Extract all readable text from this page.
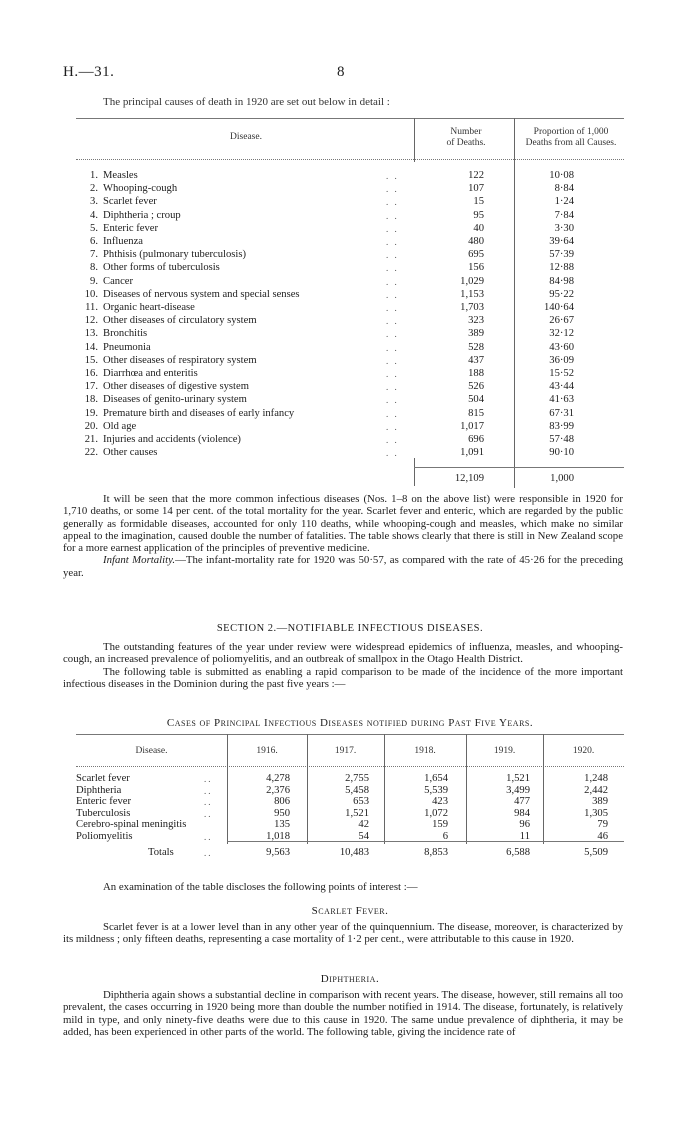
H.—31.	8
The principal causes of death in 1920 are set out below in detail :
Disease.	Number
of Deaths.
Proportion of 1,000
Deaths from all Causes.
1. Measles	. .	122	10·08
2. Whooping-cough	. .	107	8·84
3. Scarlet fever	. .	15	1·24
4. Diphtheria ; croup	. .	95	7·84
5. Enteric fever	. .	40	3·30
6. Influenza	. .	480	39·64
7. Phthisis (pulmonary tuberculosis)	. .	695	57·39
8. Other forms of tuberculosis	. .	156	12·88
9. Cancer	. .	1,029	84·98
10. Diseases of nervous system and special senses	. .	1,153	95·22
11. Organic heart-disease	. .	1,703	140·64
12. Other diseases of circulatory system	. .	323	26·67
13. Bronchitis	. .	389	32·12
14. Pneumonia	. .	528	43·60
15. Other diseases of respiratory system	. .	437	36·09
16. Diarrhœa and enteritis	. .	188	15·52
17. Other diseases of digestive system	. .	526	43·44
18. Diseases of genito-urinary system	. .	504	41·63
19. Premature birth and diseases of early infancy	. .	815	67·31
20. Old age	. .	1,017	83·99
21. Injuries and accidents (violence)	. .	696	57·48
22. Other causes	. .	1,091	90·10
12,109	1,000

It will be seen that the more common infectious diseases (Nos. 1–8 on the above list) were responsible in 1920 for 1,710 deaths, or some 14 per cent. of the total mortality for the year. Scarlet fever and enteric, which are regarded by the public generally as formidable diseases, accounted for only 110 deaths, while whooping-cough and measles, which make no similar appeal to the imagination, caused double the number of fatalities. The table shows clearly that there is still in New Zealand scope for a more earnest application of the principles of preventive medicine.

Infant Mortality.—The infant-mortality rate for 1920 was 50·57, as compared with the rate of 45·26 for the preceding year.

SECTION 2.—NOTIFIABLE INFECTIOUS DISEASES.

The outstanding features of the year under review were widespread epidemics of influenza, measles, and whooping-cough, an increased prevalence of poliomyelitis, and an outbreak of smallpox in the Otago Health District.

The following table is submitted as enabling a rapid comparison to be made of the incidence of the more important infectious diseases in the Dominion during the past five years :—

Cases of Principal Infectious Diseases notified during Past Five Years.
Disease.	1916.	1917.	1918.	1919.	1920.
Scarlet fever	..	4,278	2,755	1,654	1,521	1,248
Diphtheria	..	2,376	5,458	5,539	3,499	2,442
Enteric fever	..	806	653	423	477	389
Tuberculosis	..	950	1,521	1,072	984	1,305
Cerebro-spinal meningitis	135	42	159	96	79
Poliomyelitis	..	1,018	54	6	11	46
Totals	..	9,563	10,483	8,853	6,588	5,509

An examination of the table discloses the following points of interest :—

Scarlet Fever.

Scarlet fever is at a lower level than in any other year of the quinquennium. The disease, moreover, is characterized by its mildness ; only fifteen deaths, representing a case mortality of 1·2 per cent., were attributable to this cause in 1920.

Diphtheria.

Diphtheria again shows a substantial decline in comparison with recent years. The disease, however, still remains all too prevalent, the cases occurring in 1920 being more than double the number notified in 1914. The disease, fortunately, is relatively mild in type, and only ninety-five deaths were due to this cause in 1920. The same undue prevalence of diphtheria, it may be added, has been experienced in other parts of the world. The following table, giving the incidence rate of
